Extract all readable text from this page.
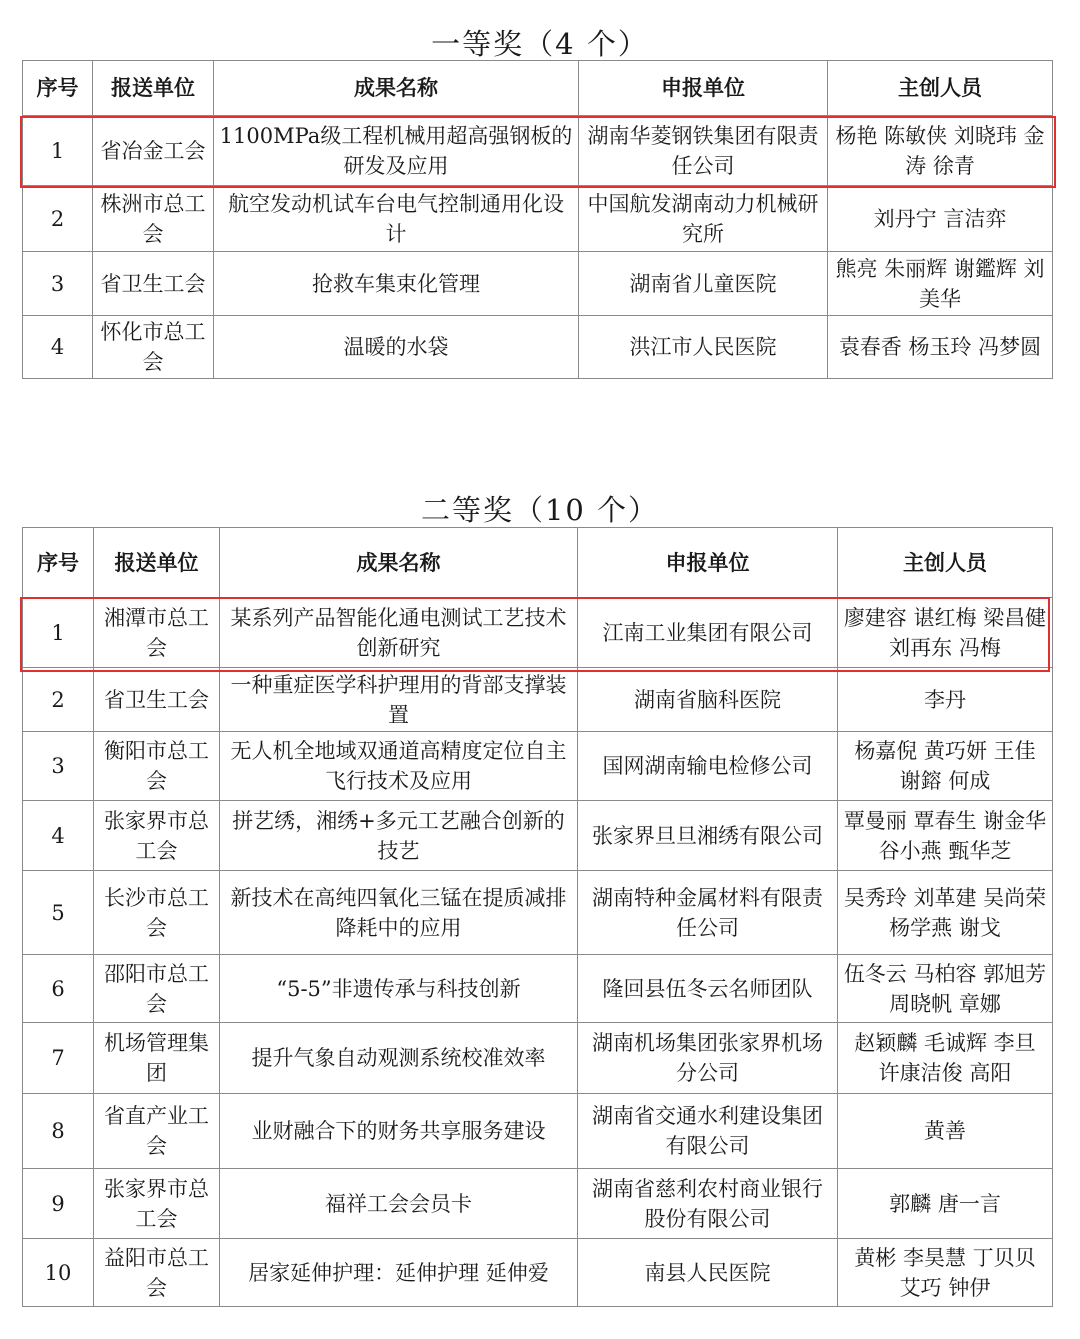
一等奖（4 个）
序号	报送单位	成果名称	申报单位	主创人员
1	省冶金工会	1100MPa级工程机械用超高强钢板的研发及应用	湖南华菱钢铁集团有限责任公司	杨艳 陈敏侠 刘晓玮 金涛 徐青
2	株洲市总工会	航空发动机试车台电气控制通用化设计	中国航发湖南动力机械研究所	刘丹宁 言洁弈
3	省卫生工会	抢救车集束化管理	湖南省儿童医院	熊亮 朱丽辉 谢鑑辉 刘美华
4	怀化市总工会	温暖的水袋	洪江市人民医院	袁春香 杨玉玲 冯梦圆
二等奖（10 个）
序号	报送单位	成果名称	申报单位	主创人员
1	湘潭市总工会	某系列产品智能化通电测试工艺技术创新研究	江南工业集团有限公司	廖建容 谌红梅 梁昌健 刘再东 冯梅
2	省卫生工会	一种重症医学科护理用的背部支撑装置	湖南省脑科医院	李丹
3	衡阳市总工会	无人机全地域双通道高精度定位自主飞行技术及应用	国网湖南输电检修公司	杨嘉倪 黄巧妍 王佳 谢鎔 何成
4	张家界市总工会	拼艺绣，湘绣+多元工艺融合创新的技艺	张家界旦旦湘绣有限公司	覃曼丽 覃春生 谢金华 谷小燕 甄华芝
5	长沙市总工会	新技术在高纯四氧化三锰在提质减排降耗中的应用	湖南特种金属材料有限责任公司	吴秀玲 刘革建 吴尚荣 杨学燕 谢戈
6	邵阳市总工会	“5-5”非遗传承与科技创新	隆回县伍冬云名师团队	伍冬云 马柏容 郭旭芳 周晓帆 章娜
7	机场管理集团	提升气象自动观测系统校准效率	湖南机场集团张家界机场分公司	赵颖麟 毛诚辉 李旦 许康洁俊 高阳
8	省直产业工会	业财融合下的财务共享服务建设	湖南省交通水利建设集团有限公司	黄善
9	张家界市总工会	福祥工会会员卡	湖南省慈利农村商业银行股份有限公司	郭麟 唐一言
10	益阳市总工会	居家延伸护理：延伸护理 延伸爱	南县人民医院	黄彬 李昊慧 丁贝贝 艾巧 钟伊
